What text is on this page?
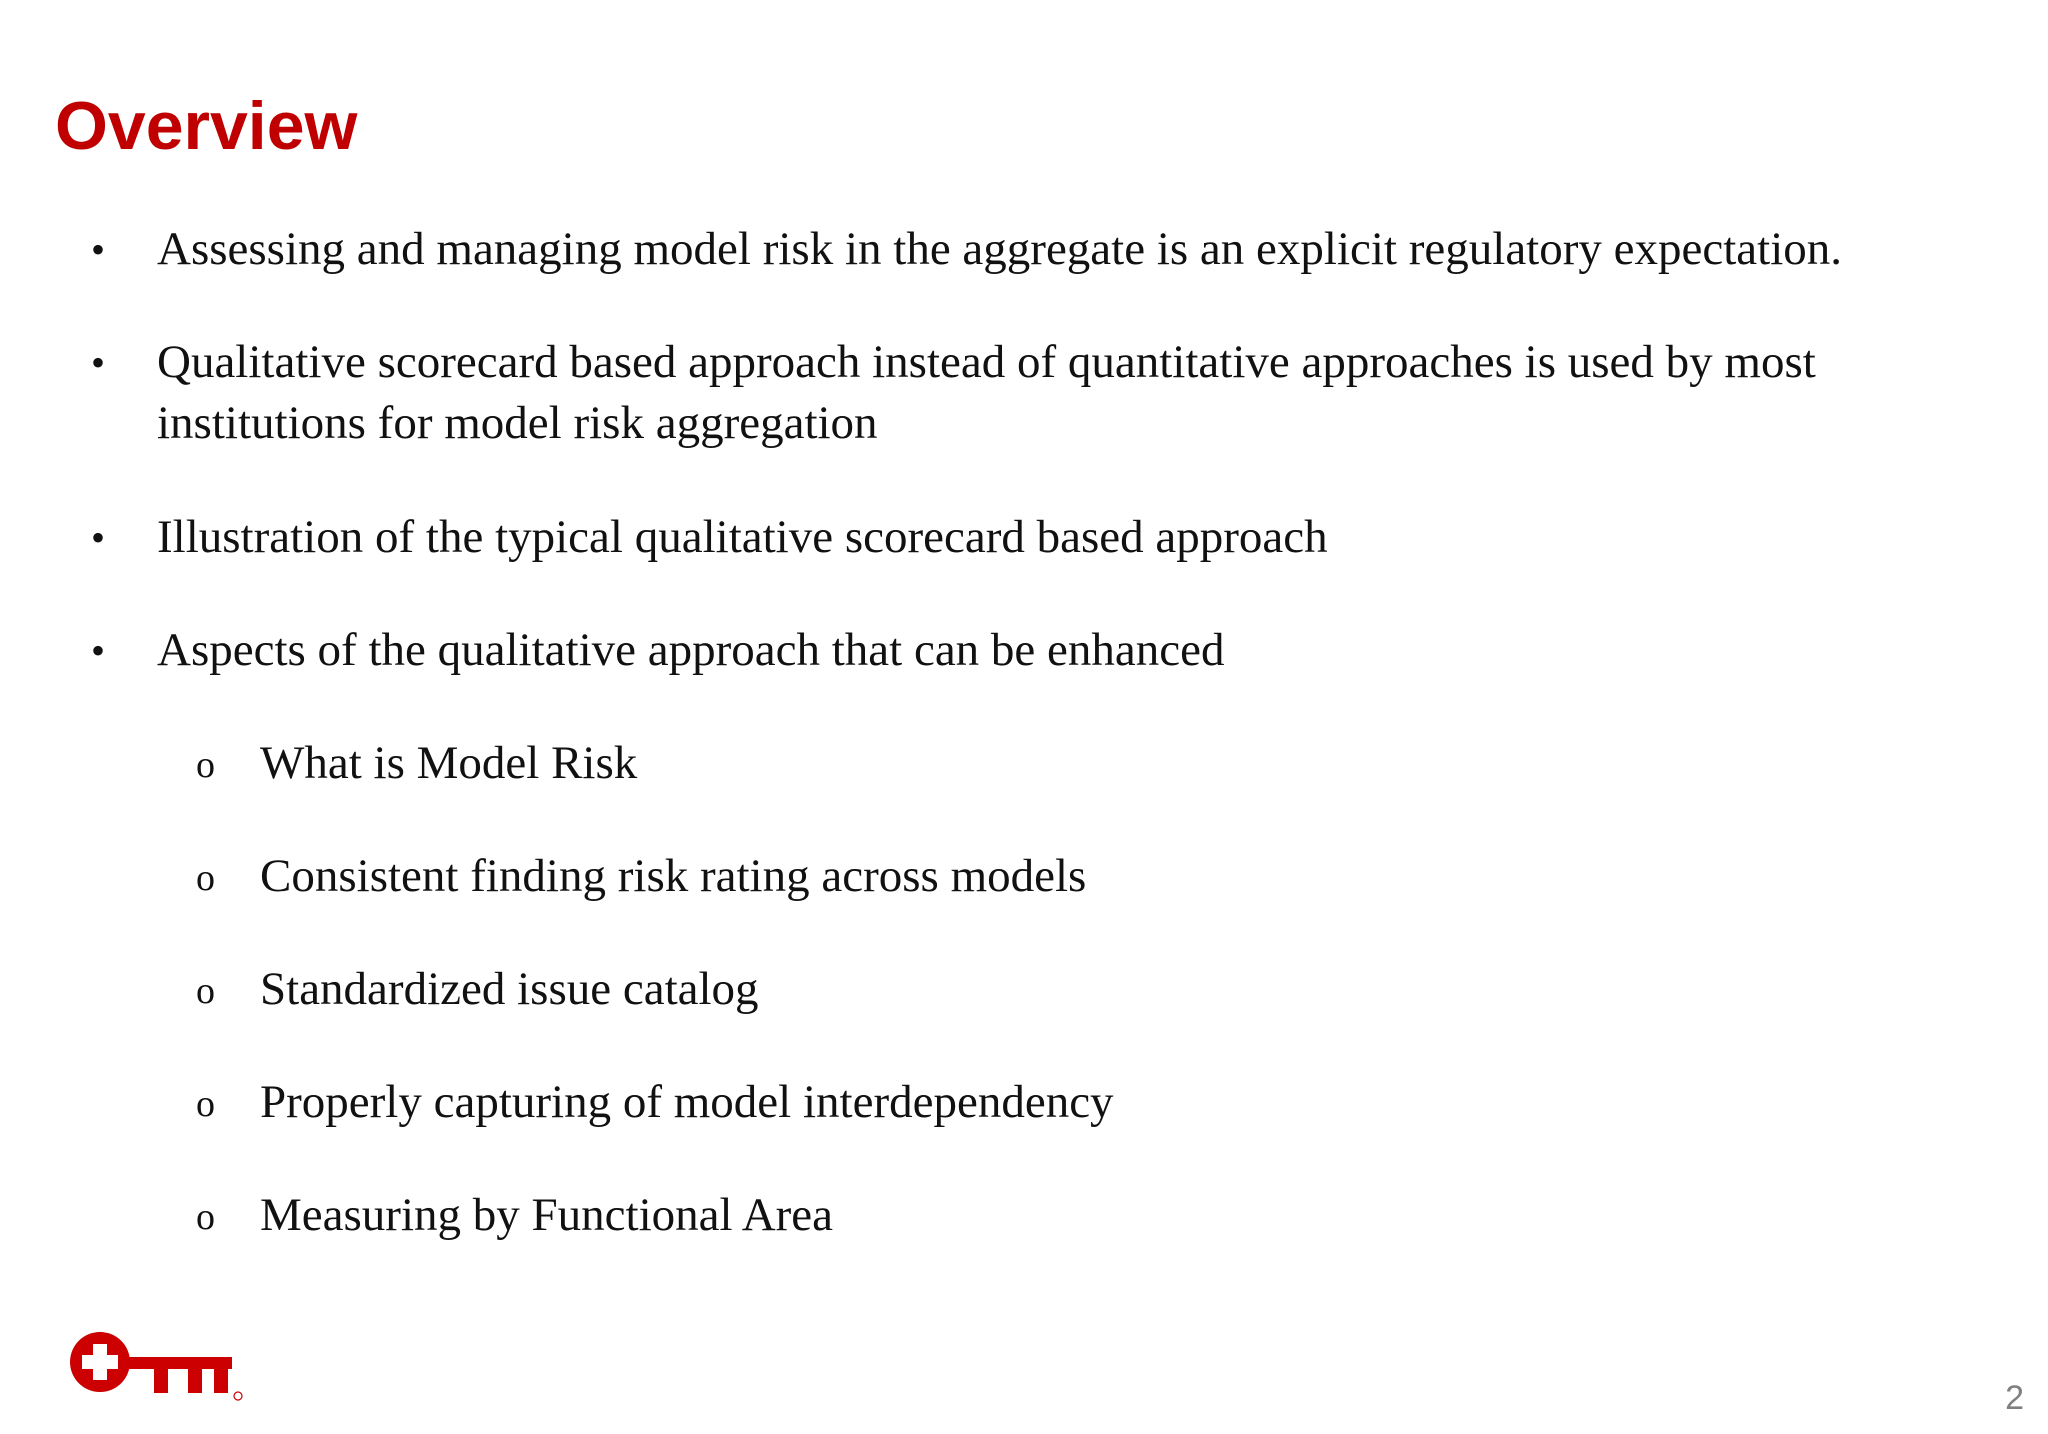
Overview
• Assessing and managing model risk in the aggregate is an explicit regulatory expectation.
• Qualitative scorecard based approach instead of quantitative approaches is used by most institutions for model risk aggregation
• Illustration of the typical qualitative scorecard based approach
• Aspects of the qualitative approach that can be enhanced
o What is Model Risk
o Consistent finding risk rating across models
o Standardized issue catalog
o Properly capturing of model interdependency
o Measuring by Functional Area
2
